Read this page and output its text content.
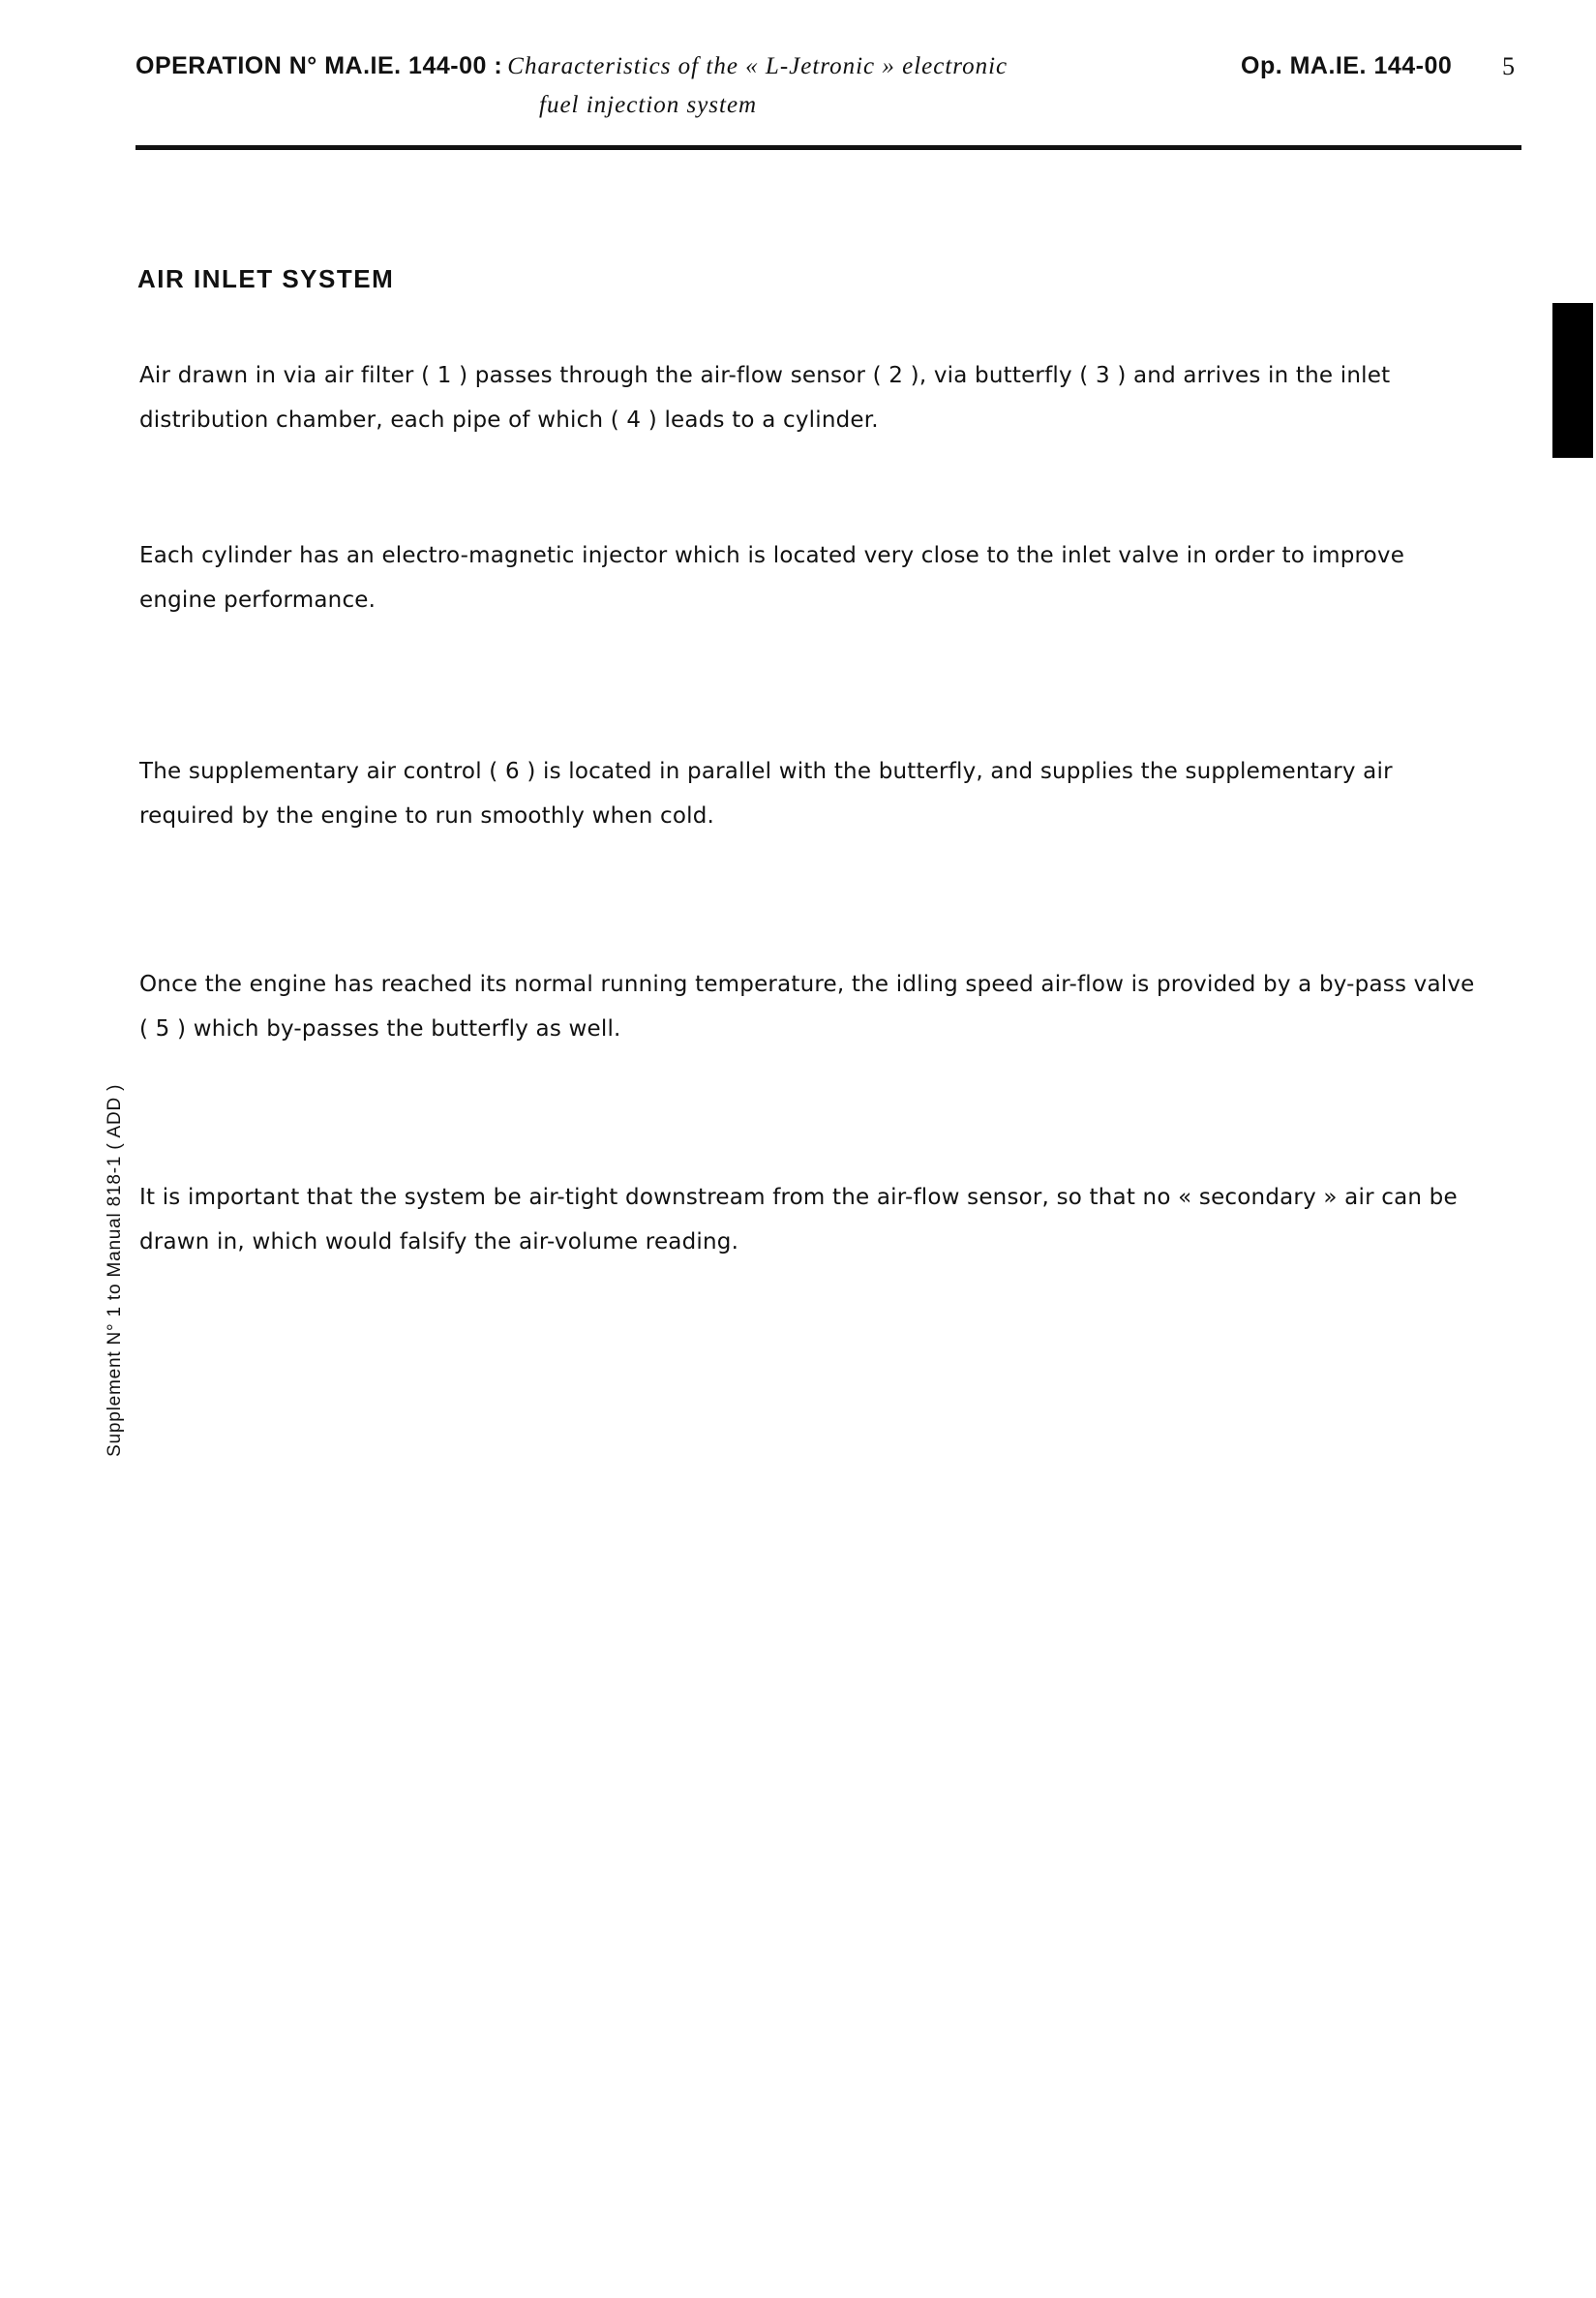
OPERATION N° MA.IE. 144-00 : Characteristics of the « L-Jetronic » electronic
fuel injection system
Op. MA.IE. 144-00 5
AIR INLET SYSTEM

Air drawn in via air filter ( 1 ) passes through the air-flow sensor ( 2 ), via butterfly ( 3 ) and arrives in the inlet distribution chamber, each pipe of which ( 4 ) leads to a cylinder.

Each cylinder has an electro-magnetic injector which is located very close to the inlet valve in order to improve engine performance.

The supplementary air control ( 6 ) is located in parallel with the butterfly, and supplies the supplementary air required by the engine to run smoothly when cold.

Once the engine has reached its normal running temperature, the idling speed air-flow is provided by a by-pass valve ( 5 ) which by-passes the butterfly as well.

It is important that the system be air-tight downstream from the air-flow sensor, so that no « secondary » air can be drawn in, which would falsify the air-volume reading.

Supplement N° 1 to Manual 818-1 ( ADD )
